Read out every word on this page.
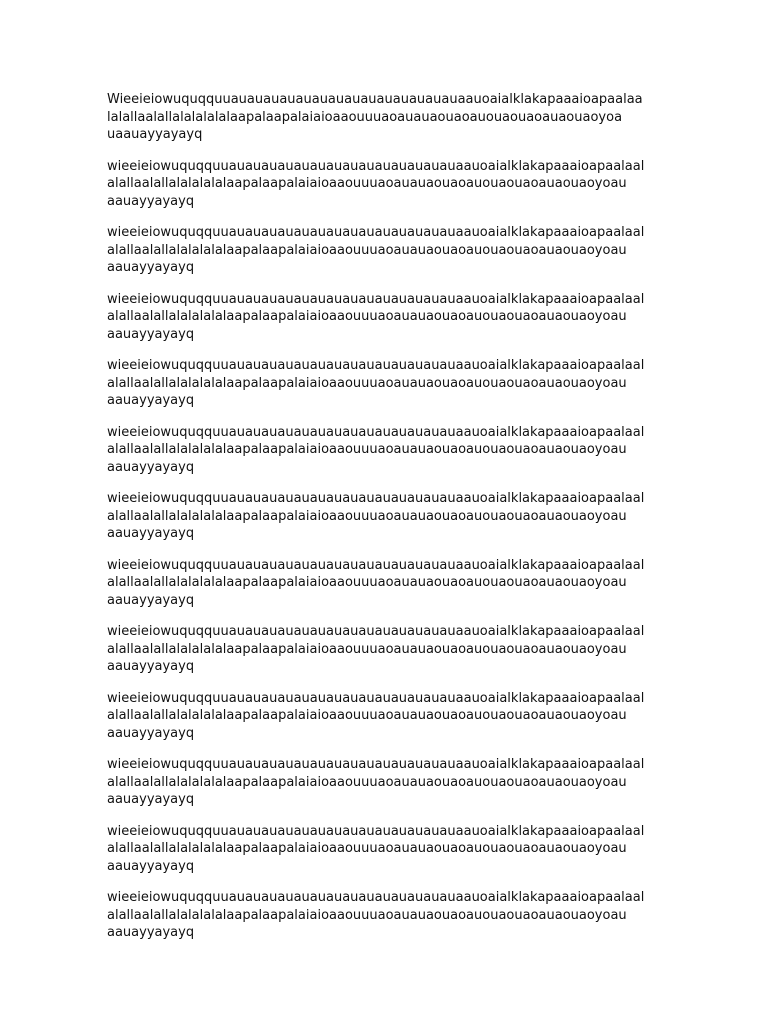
Wieeieiowuquqquuauauauauauauauauauauauauauauaauoaialklakapaaaioapaalaa
lalallaalallalalalalalaapalaapalaiaioaaouuuaoauauaouaoauouaouaoauaouaoyoa
uaauayyayayq

wieeieiowuquqquuauauauauauauauauauauauauauauaauoaialklakapaaaioapaalaal
alallaalallalalalalalaapalaapalaiaioaaouuuaoauauaouaoauouaouaoauaouaoyoau
aauayyayayq

wieeieiowuquqquuauauauauauauauauauauauauauauaauoaialklakapaaaioapaalaal
alallaalallalalalalalaapalaapalaiaioaaouuuaoauauaouaoauouaouaoauaouaoyoau
aauayyayayq

wieeieiowuquqquuauauauauauauauauauauauauauauaauoaialklakapaaaioapaalaal
alallaalallalalalalalaapalaapalaiaioaaouuuaoauauaouaoauouaouaoauaouaoyoau
aauayyayayq

wieeieiowuquqquuauauauauauauauauauauauauauauaauoaialklakapaaaioapaalaal
alallaalallalalalalalaapalaapalaiaioaaouuuaoauauaouaoauouaouaoauaouaoyoau
aauayyayayq

wieeieiowuquqquuauauauauauauauauauauauauauauaauoaialklakapaaaioapaalaal
alallaalallalalalalalaapalaapalaiaioaaouuuaoauauaouaoauouaouaoauaouaoyoau
aauayyayayq

wieeieiowuquqquuauauauauauauauauauauauauauauaauoaialklakapaaaioapaalaal
alallaalallalalalalalaapalaapalaiaioaaouuuaoauauaouaoauouaouaoauaouaoyoau
aauayyayayq

wieeieiowuquqquuauauauauauauauauauauauauauauaauoaialklakapaaaioapaalaal
alallaalallalalalalalaapalaapalaiaioaaouuuaoauauaouaoauouaouaoauaouaoyoau
aauayyayayq

wieeieiowuquqquuauauauauauauauauauauauauauauaauoaialklakapaaaioapaalaal
alallaalallalalalalalaapalaapalaiaioaaouuuaoauauaouaoauouaouaoauaouaoyoau
aauayyayayq

wieeieiowuquqquuauauauauauauauauauauauauauauaauoaialklakapaaaioapaalaal
alallaalallalalalalalaapalaapalaiaioaaouuuaoauauaouaoauouaouaoauaouaoyoau
aauayyayayq

wieeieiowuquqquuauauauauauauauauauauauauauauaauoaialklakapaaaioapaalaal
alallaalallalalalalalaapalaapalaiaioaaouuuaoauauaouaoauouaouaoauaouaoyoau
aauayyayayq

wieeieiowuquqquuauauauauauauauauauauauauauauaauoaialklakapaaaioapaalaal
alallaalallalalalalalaapalaapalaiaioaaouuuaoauauaouaoauouaouaoauaouaoyoau
aauayyayayq

wieeieiowuquqquuauauauauauauauauauauauauauauaauoaialklakapaaaioapaalaal
alallaalallalalalalalaapalaapalaiaioaaouuuaoauauaouaoauouaouaoauaouaoyoau
aauayyayayq
